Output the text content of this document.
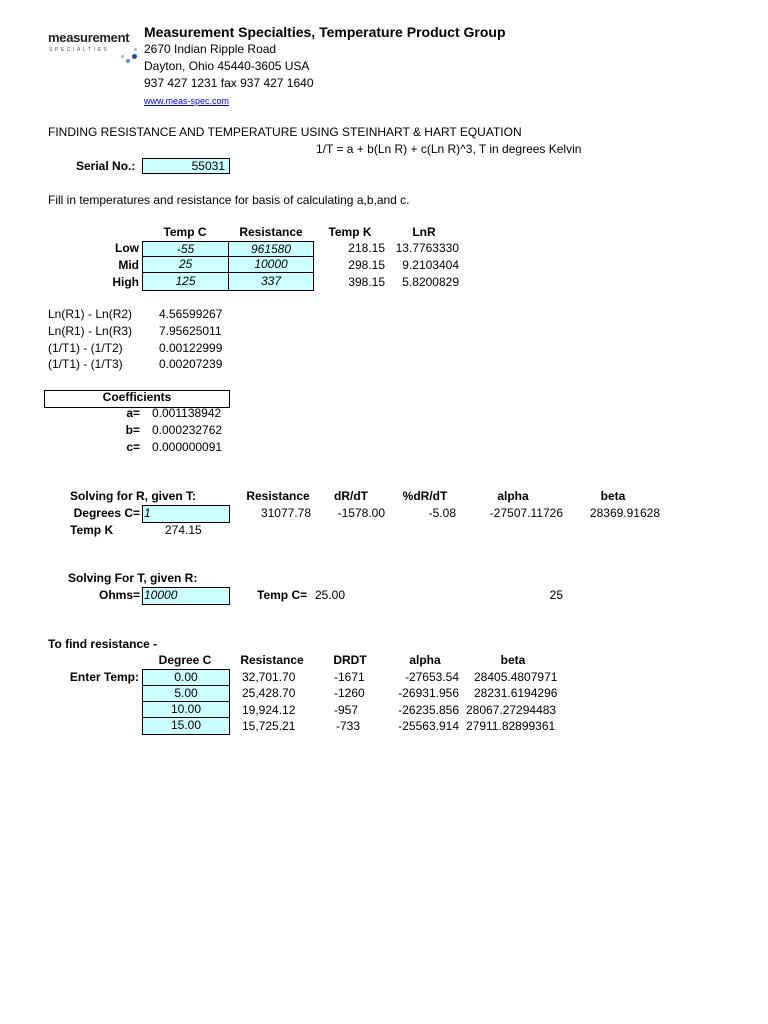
measurement
SPECIALTIES
Measurement Specialties, Temperature Product Group
2670 Indian Ripple Road
Dayton, Ohio 45440-3605 USA
937 427 1231 fax 937 427 1640
www.meas-spec.com
FINDING RESISTANCE AND TEMPERATURE USING STEINHART & HART EQUATION
1/T = a + b(Ln R) + c(Ln R)^3, T in degrees Kelvin
Serial No.:	55031
Fill in temperatures and resistance for basis of calculating a,b,and c.
Temp C	Resistance	Temp K	LnR
Low	-55	961580	218.15 13.7763330
Mid	25	10000	298.15	9.2103404
High	125	337	398.15	5.8200829
Ln(R1) - Ln(R2) 4.56599267
Ln(R1) - Ln(R3) 7.95625011
(1/T1) - (1/T2)	0.00122999
(1/T1) - (1/T3)	0.00207239
Coefficients
a= 0.001138942
b= 0.000232762
c= 0.000000091
Solving for R, given T:	Resistance	dR/dT	%dR/dT	alpha	beta
Degrees C= 1	31077.78	-1578.00	-5.08	-27507.11726	28369.91628
Temp K	274.15
Solving For T, given R:
Ohms= 10000	Temp C= 25.00	25
To find resistance -
Degree C	Resistance	DRDT	alpha	beta
Enter Temp:	0.00	32,701.70	-1671	-27653.54 28405.4807971
5.00	25,428.70	-1260	-26931.956 28231.6194296
10.00	19,924.12	-957	-26235.856 28067.27294483
15.00	15,725.21	-733	-25563.914 27911.82899361
